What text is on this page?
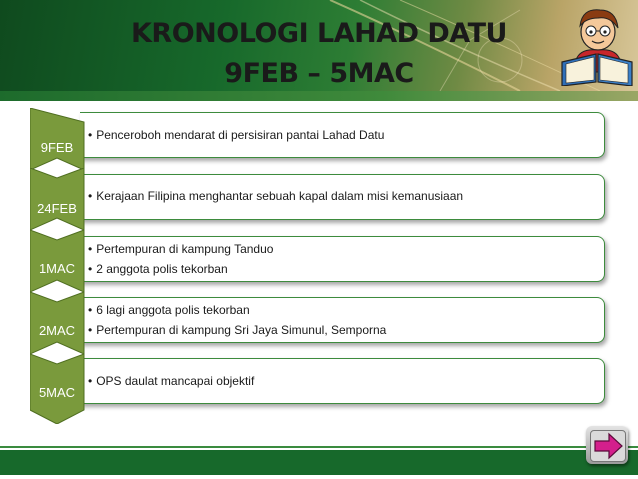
KRONOLOGI LAHAD DATU
9FEB – 5MAC
• Penceroboh mendarat di persisiran pantai Lahad Datu
9FEB
• Kerajaan Filipina menghantar sebuah kapal dalam misi kemanusiaan
24FEB
• Pertempuran di kampung Tanduo
• 2 anggota polis tekorban
1MAC
• 6 lagi anggota polis tekorban
• Pertempuran di kampung Sri Jaya Simunul, Semporna
2MAC
• OPS daulat mancapai objektif
5MAC
